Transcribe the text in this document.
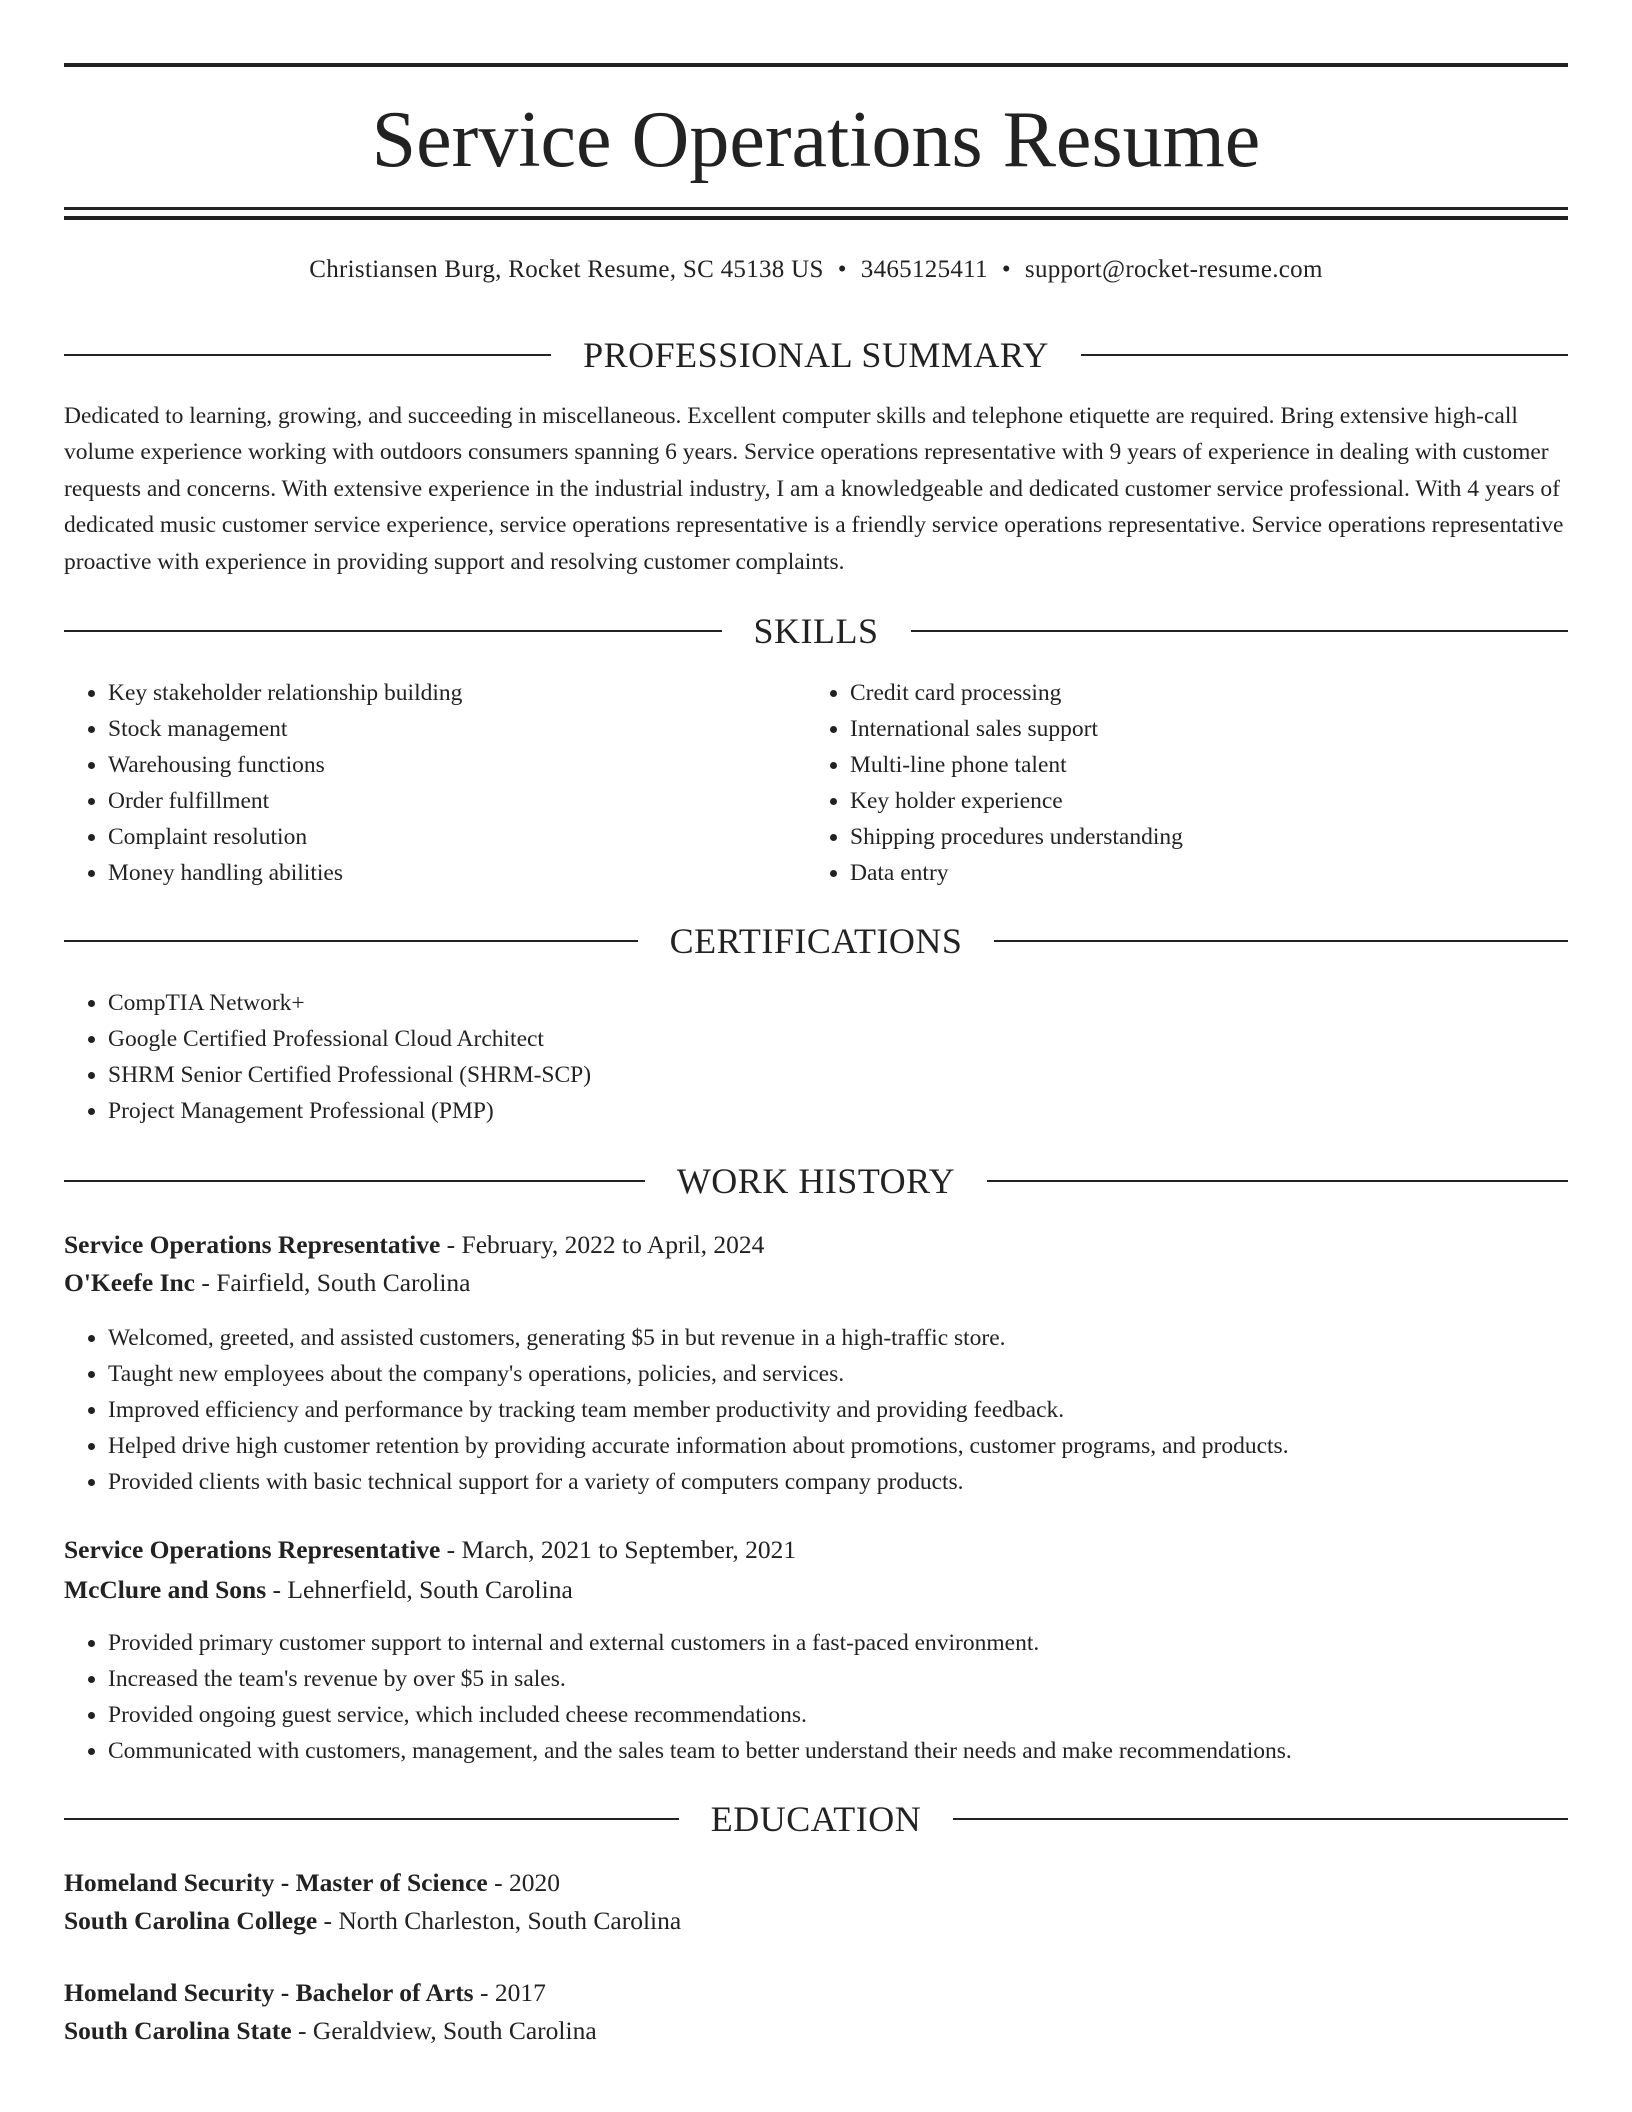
Service Operations Resume
Christiansen Burg, Rocket Resume, SC 45138 US • 3465125411 • support@rocket-resume.com
PROFESSIONAL SUMMARY

Dedicated to learning, growing, and succeeding in miscellaneous. Excellent computer skills and telephone etiquette are required. Bring extensive high-call volume experience working with outdoors consumers spanning 6 years. Service operations representative with 9 years of experience in dealing with customer requests and concerns. With extensive experience in the industrial industry, I am a knowledgeable and dedicated customer service professional. With 4 years of dedicated music customer service experience, service operations representative is a friendly service operations representative. Service operations representative proactive with experience in providing support and resolving customer complaints.

SKILLS
• Key stakeholder relationship building
• Stock management
• Warehousing functions
• Order fulfillment
• Complaint resolution
• Money handling abilities
• Credit card processing
• International sales support
• Multi-line phone talent
• Key holder experience
• Shipping procedures understanding
• Data entry
CERTIFICATIONS
• CompTIA Network+
• Google Certified Professional Cloud Architect
• SHRM Senior Certified Professional (SHRM-SCP)
• Project Management Professional (PMP)
WORK HISTORY
Service Operations Representative - February, 2022 to April, 2024
O'Keefe Inc - Fairfield, South Carolina
• Welcomed, greeted, and assisted customers, generating $5 in but revenue in a high-traffic store.
• Taught new employees about the company's operations, policies, and services.
• Improved efficiency and performance by tracking team member productivity and providing feedback.
• Helped drive high customer retention by providing accurate information about promotions, customer programs, and products.
• Provided clients with basic technical support for a variety of computers company products.
Service Operations Representative - March, 2021 to September, 2021
McClure and Sons - Lehnerfield, South Carolina
• Provided primary customer support to internal and external customers in a fast-paced environment.
• Increased the team's revenue by over $5 in sales.
• Provided ongoing guest service, which included cheese recommendations.
• Communicated with customers, management, and the sales team to better understand their needs and make recommendations.
EDUCATION
Homeland Security - Master of Science - 2020
South Carolina College - North Charleston, South Carolina
Homeland Security - Bachelor of Arts - 2017
South Carolina State - Geraldview, South Carolina
